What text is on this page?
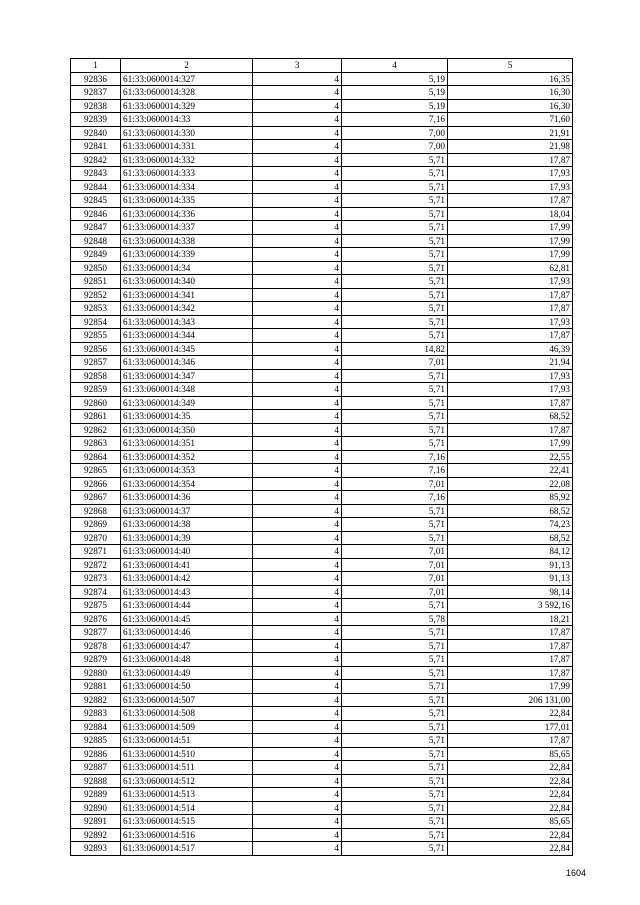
1	2	3	4	5
92836	61:33:0600014:327	4	5,19	16,35
92837	61:33:0600014:328	4	5,19	16,30
92838	61:33:0600014:329	4	5,19	16,30
92839	61:33:0600014:33	4	7,16	71,60
92840	61:33:0600014:330	4	7,00	21,91
92841	61:33:0600014:331	4	7,00	21,98
92842	61:33:0600014:332	4	5,71	17,87
92843	61:33:0600014:333	4	5,71	17,93
92844	61:33:0600014:334	4	5,71	17,93
92845	61:33:0600014:335	4	5,71	17,87
92846	61:33:0600014:336	4	5,71	18,04
92847	61:33:0600014:337	4	5,71	17,99
92848	61:33:0600014:338	4	5,71	17,99
92849	61:33:0600014:339	4	5,71	17,99
92850	61:33:0600014:34	4	5,71	62,81
92851	61:33:0600014:340	4	5,71	17,93
92852	61:33:0600014:341	4	5,71	17,87
92853	61:33:0600014:342	4	5,71	17,87
92854	61:33:0600014:343	4	5,71	17,93
92855	61:33:0600014:344	4	5,71	17,87
92856	61:33:0600014:345	4	14,82	46,39
92857	61:33:0600014:346	4	7,01	21,94
92858	61:33:0600014:347	4	5,71	17,93
92859	61:33:0600014:348	4	5,71	17,93
92860	61:33:0600014:349	4	5,71	17,87
92861	61:33:0600014:35	4	5,71	68,52
92862	61:33:0600014:350	4	5,71	17,87
92863	61:33:0600014:351	4	5,71	17,99
92864	61:33:0600014:352	4	7,16	22,55
92865	61:33:0600014:353	4	7,16	22,41
92866	61:33:0600014:354	4	7,01	22,08
92867	61:33:0600014:36	4	7,16	85,92
92868	61:33:0600014:37	4	5,71	68,52
92869	61:33:0600014:38	4	5,71	74,23
92870	61:33:0600014:39	4	5,71	68,52
92871	61:33:0600014:40	4	7,01	84,12
92872	61:33:0600014:41	4	7,01	91,13
92873	61:33:0600014:42	4	7,01	91,13
92874	61:33:0600014:43	4	7,01	98,14
92875	61:33:0600014:44	4	5,71	3 592,16
92876	61:33:0600014:45	4	5,78	18,21
92877	61:33:0600014:46	4	5,71	17,87
92878	61:33:0600014:47	4	5,71	17,87
92879	61:33:0600014:48	4	5,71	17,87
92880	61:33:0600014:49	4	5,71	17,87
92881	61:33:0600014:50	4	5,71	17,99
92882	61:33:0600014:507	4	5,71	206 131,00
92883	61:33:0600014:508	4	5,71	22,84
92884	61:33:0600014:509	4	5,71	177,01
92885	61:33:0600014:51	4	5,71	17,87
92886	61:33:0600014:510	4	5,71	85,65
92887	61:33:0600014:511	4	5,71	22,84
92888	61:33:0600014:512	4	5,71	22,84
92889	61:33:0600014:513	4	5,71	22,84
92890	61:33:0600014:514	4	5,71	22,84
92891	61:33:0600014:515	4	5,71	85,65
92892	61:33:0600014:516	4	5,71	22,84
92893	61:33:0600014:517	4	5,71	22,84
1604
